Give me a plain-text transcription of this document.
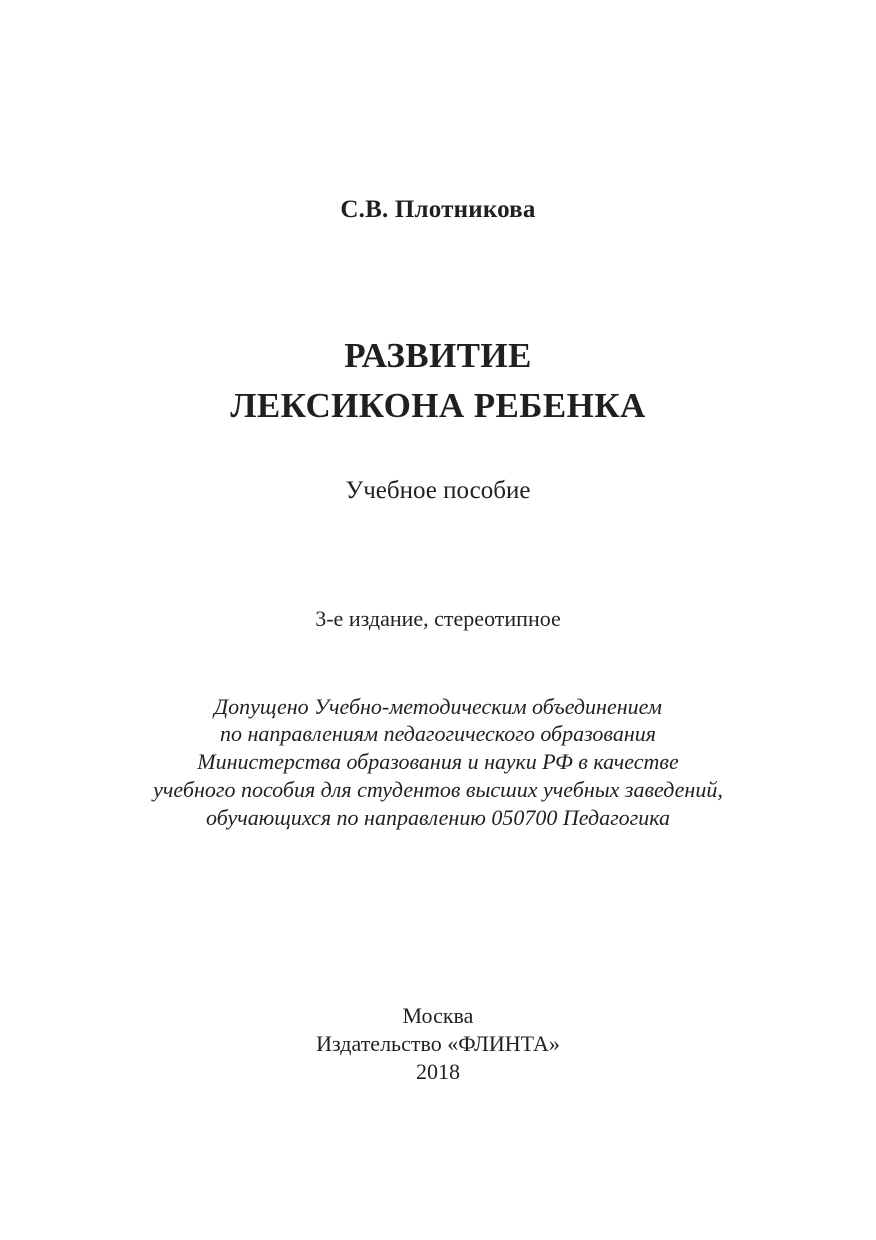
С.В. Плотникова
РАЗВИТИЕ
ЛЕКСИКОНА РЕБЕНКА
Учебное пособие
3-е издание, стереотипное
Допущено Учебно-методическим объединением
по направлениям педагогического образования
Министерства образования и науки РФ в качестве
учебного пособия для студентов высших учебных заведений,
обучающихся по направлению 050700 Педагогика
Москва
Издательство «ФЛИНТА»
2018
